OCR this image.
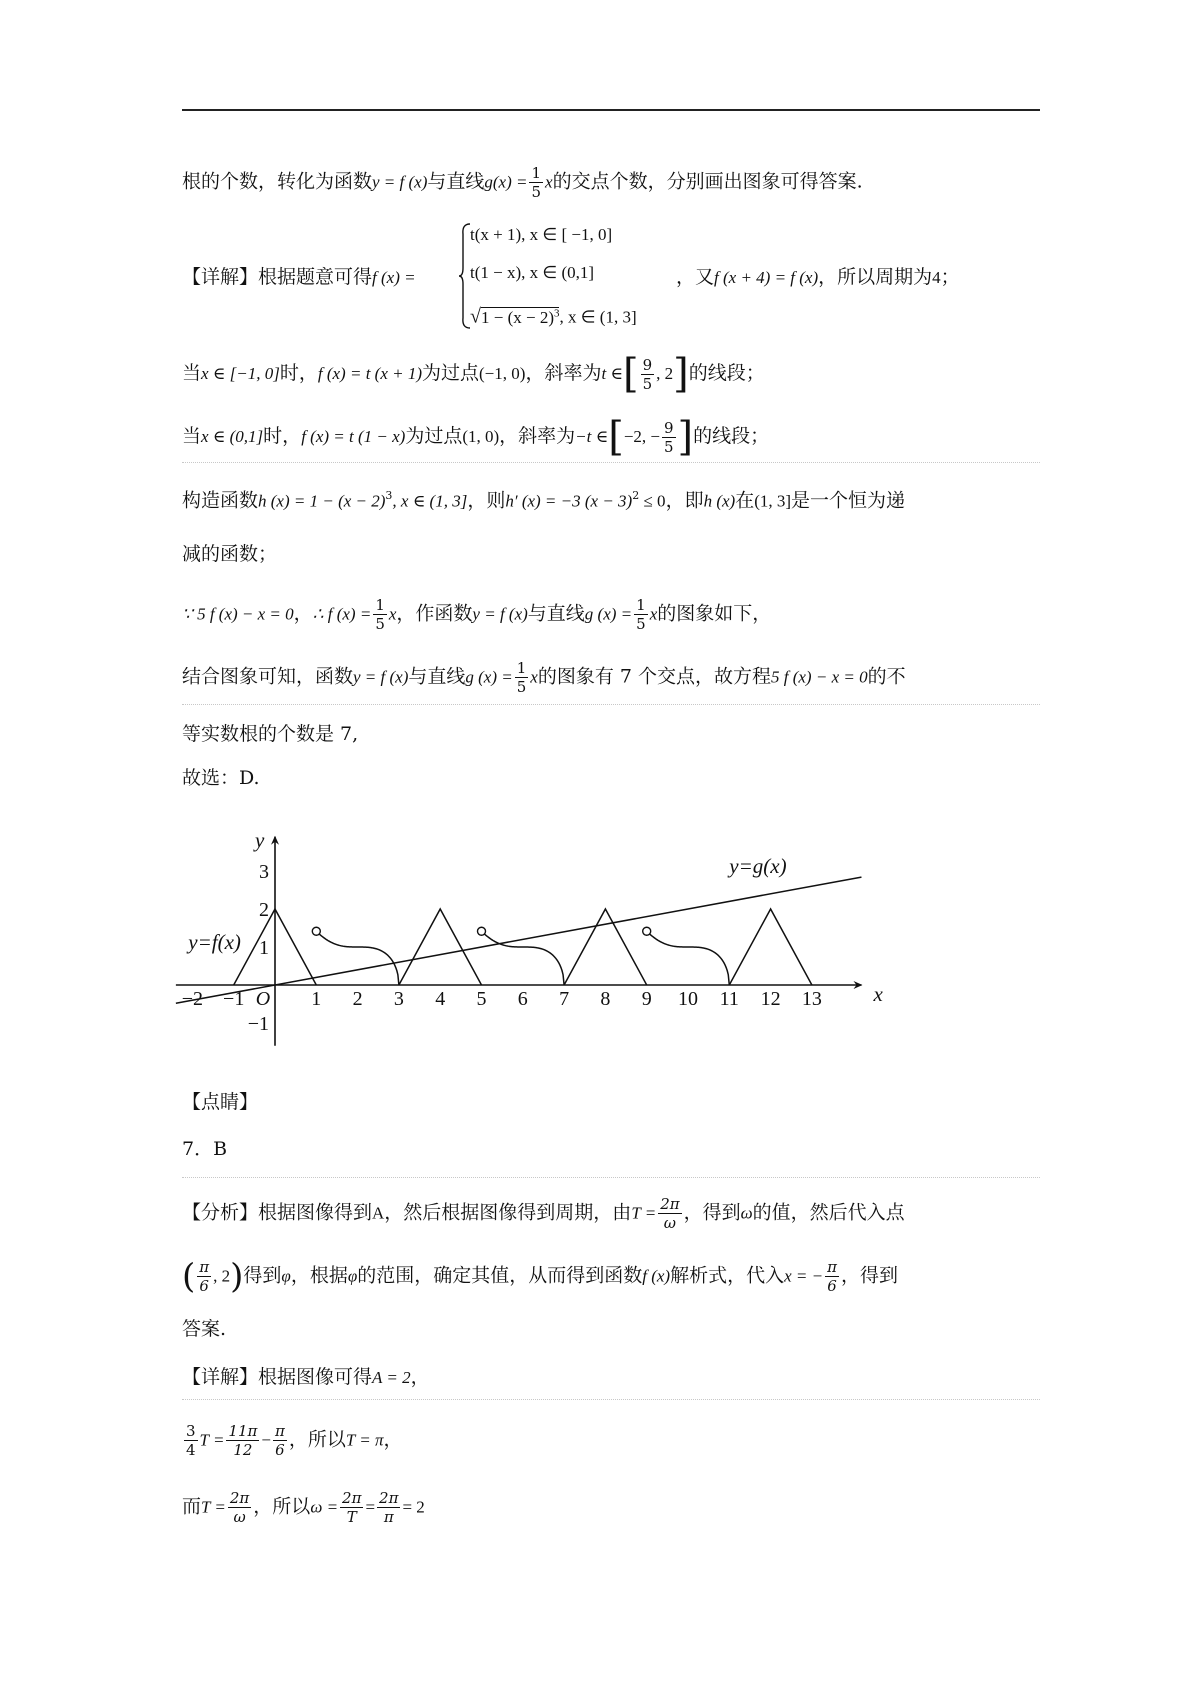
根的个数，转化为函数y = f (x)与直线$g(x) = \frac{1}{5}$ x的交点个数，分别画出图象可得答案.
【详解】根据题意可得f (x) =
t(x + 1), x ∈ [ −1, 0]
t(1 − x), x ∈ (0,1]
$√1 - (x - 2)^3$, x ∈ (1, 3]
，又f (x + 4) = f (x)，所以周期为4；
当x ∈ [−1, 0]时，f (x) = t (x + 1)为过点(−1, 0)，斜率为t ∈[ $\frac{9}{5}$ , 2]的线段；
当x ∈ (0,1]时，f (x) = t (1 − x)为过点(1, 0)，斜率为−t ∈[−2, − $\frac{9}{5}$ ]的线段；
构造函数h $(x) = 1 - (x - 2)^3$, x ∈ (1, 3]，则h′ (x) = −3 $(x - 3)^2 \le 0$，即h (x)在(1, 3]是一个恒为递
减的函数；
∵ 5 f (x) − x = 0，∴ f $(x) = \frac{1}{5}$ x，作函数y = f (x)与直线g $(x) = \frac{1}{5}$ x的图象如下，
结合图象可知，函数y = f (x)与直线g $(x) = \frac{1}{5}$ x的图象有 7 个交点，故方程5 f (x) − x = 0的不
等实数根的个数是 7,
故选：D.
−2 −1 O 1 2 3 4 5 6 7 8 9 10 11 12 13
3
2
1
−1
x
y
y=f(x)
y=g(x)
【点睛】
7．B
【分析】根据图像得到A，然后根据图像得到周期，由$T = \frac{2\pi}{\omega}$ ，得到ω的值，然后代入点
( $\frac{\pi}{6}$ , 2)得到φ，根据φ的范围，确定其值，从而得到函数f (x)解析式，代入x = − $\frac{\pi}{6}$ ，得到
答案.
【详解】根据图像可得A = 2，
$\frac{3}{4}$ $T = \frac{11\pi}{12} - \frac{\pi}{6}$ ，所以T = π，
而$T = \frac{2\pi}{\omega}$ ，所以$\omega = \frac{2\pi}{T} = \frac{2\pi}{\pi} = 2$
